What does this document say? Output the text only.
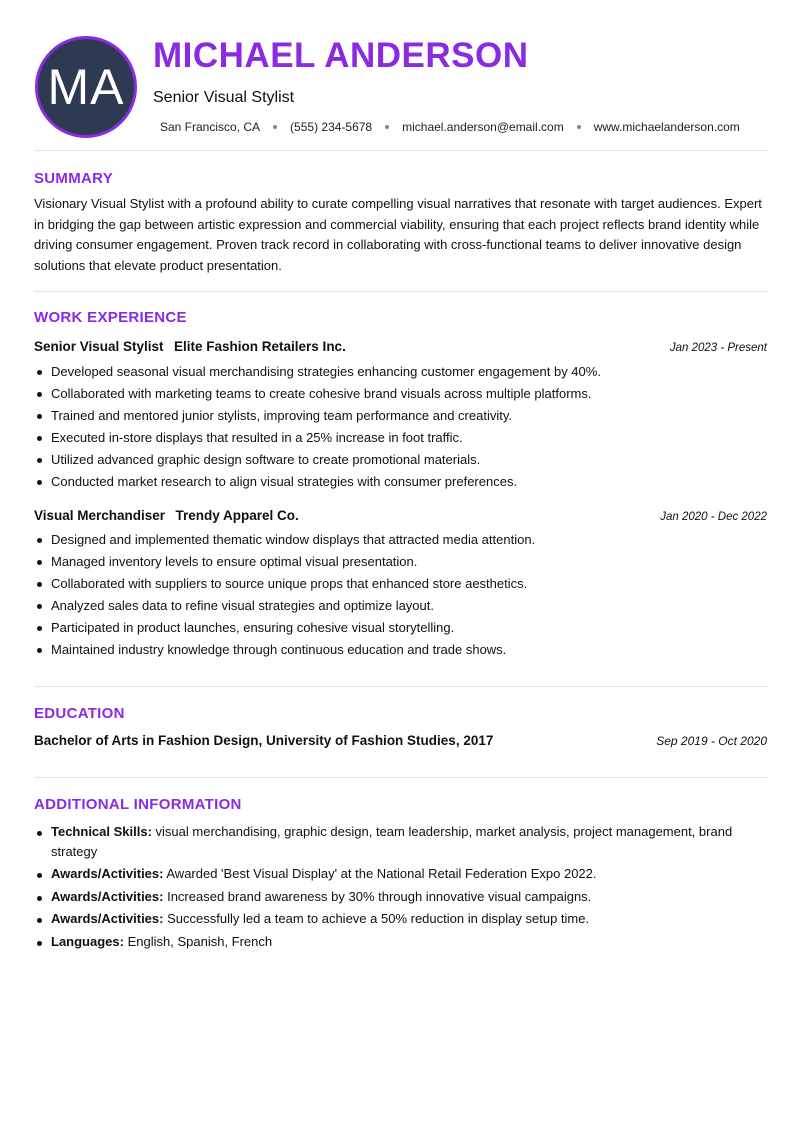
MA
MICHAEL ANDERSON
Senior Visual Stylist
San Francisco, CA	(555) 234-5678	michael.anderson@email.com	www.michaelanderson.com
SUMMARY
Visionary Visual Stylist with a profound ability to curate compelling visual narratives that resonate with target audiences. Expert in bridging the gap between artistic expression and commercial viability, ensuring that each project reflects brand identity while driving consumer engagement. Proven track record in collaborating with cross-functional teams to deliver innovative design solutions that elevate product presentation.
WORK EXPERIENCE
Senior Visual Stylist Elite Fashion Retailers Inc.	Jan 2023 - Present
Developed seasonal visual merchandising strategies enhancing customer engagement by 40%.
Collaborated with marketing teams to create cohesive brand visuals across multiple platforms.
Trained and mentored junior stylists, improving team performance and creativity.
Executed in-store displays that resulted in a 25% increase in foot traffic.
Utilized advanced graphic design software to create promotional materials.
Conducted market research to align visual strategies with consumer preferences.
Visual Merchandiser Trendy Apparel Co.	Jan 2020 - Dec 2022
Designed and implemented thematic window displays that attracted media attention.
Managed inventory levels to ensure optimal visual presentation.
Collaborated with suppliers to source unique props that enhanced store aesthetics.
Analyzed sales data to refine visual strategies and optimize layout.
Participated in product launches, ensuring cohesive visual storytelling.
Maintained industry knowledge through continuous education and trade shows.
EDUCATION
Bachelor of Arts in Fashion Design, University of Fashion Studies, 2017	Sep 2019 - Oct 2020
ADDITIONAL INFORMATION
Technical Skills: visual merchandising, graphic design, team leadership, market analysis, project management, brand strategy
Awards/Activities: Awarded 'Best Visual Display' at the National Retail Federation Expo 2022.
Awards/Activities: Increased brand awareness by 30% through innovative visual campaigns.
Awards/Activities: Successfully led a team to achieve a 50% reduction in display setup time.
Languages: English, Spanish, French
